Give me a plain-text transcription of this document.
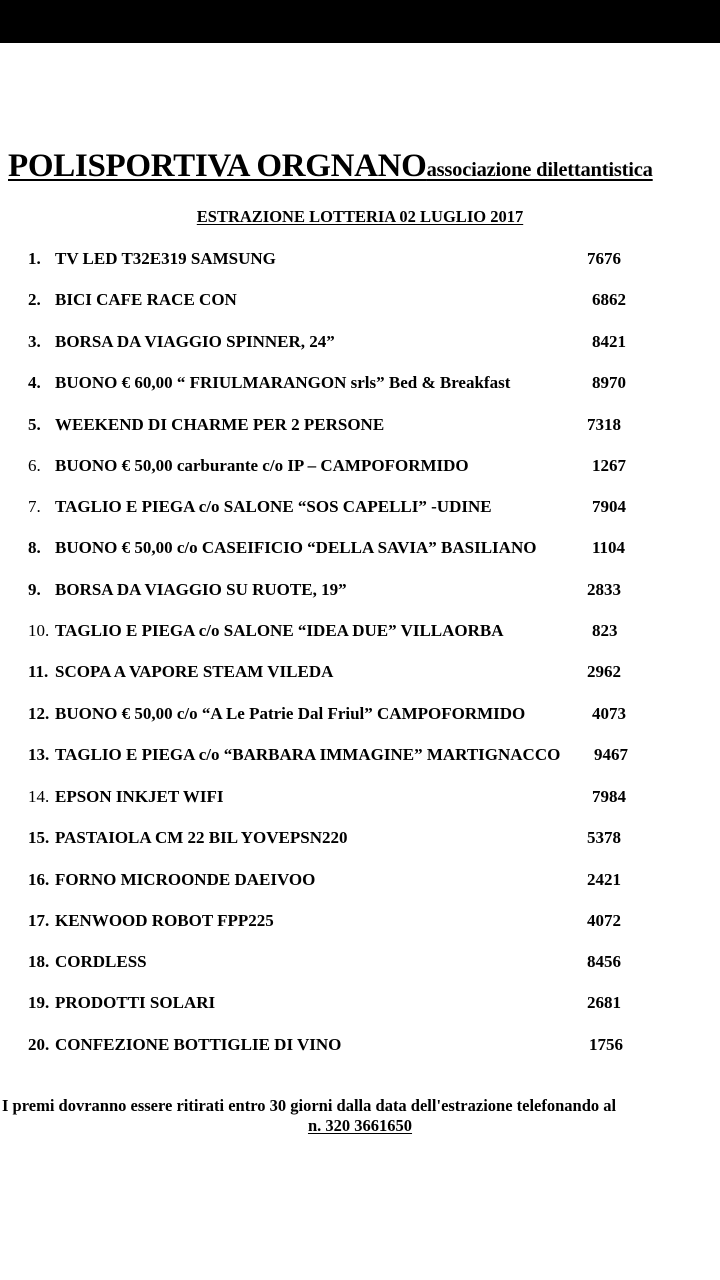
POLISPORTIVA ORGNANOassociazione dilettantistica
ESTRAZIONE LOTTERIA 02 LUGLIO 2017
1. TV LED T32E319 SAMSUNG	7676
2. BICI CAFE RACE CON	6862
3. BORSA DA VIAGGIO SPINNER, 24”	8421
4. BUONO € 60,00 “ FRIULMARANGON srls” Bed & Breakfast	8970
5. WEEKEND DI CHARME PER 2 PERSONE	7318
6. BUONO € 50,00 carburante c/o IP – CAMPOFORMIDO	1267
7. TAGLIO E PIEGA c/o SALONE “SOS CAPELLI” -UDINE	7904
8. BUONO € 50,00 c/o CASEIFICIO “DELLA SAVIA” BASILIANO	1104
9. BORSA DA VIAGGIO SU RUOTE, 19”	2833
10. TAGLIO E PIEGA c/o SALONE “IDEA DUE” VILLAORBA	823
11. SCOPA A VAPORE STEAM VILEDA	2962
12. BUONO € 50,00 c/o “A Le Patrie Dal Friul” CAMPOFORMIDO	4073
13. TAGLIO E PIEGA c/o “BARBARA IMMAGINE” MARTIGNACCO 9467
14. EPSON INKJET WIFI	7984
15. PASTAIOLA CM 22 BIL YOVEPSN220	5378
16. FORNO MICROONDE DAEIVOO	2421
17. KENWOOD ROBOT FPP225	4072
18. CORDLESS	8456
19. PRODOTTI SOLARI	2681
20. CONFEZIONE BOTTIGLIE DI VINO	1756
I premi dovranno essere ritirati entro 30 giorni dalla data dell'estrazione telefonando al
n. 320 3661650
